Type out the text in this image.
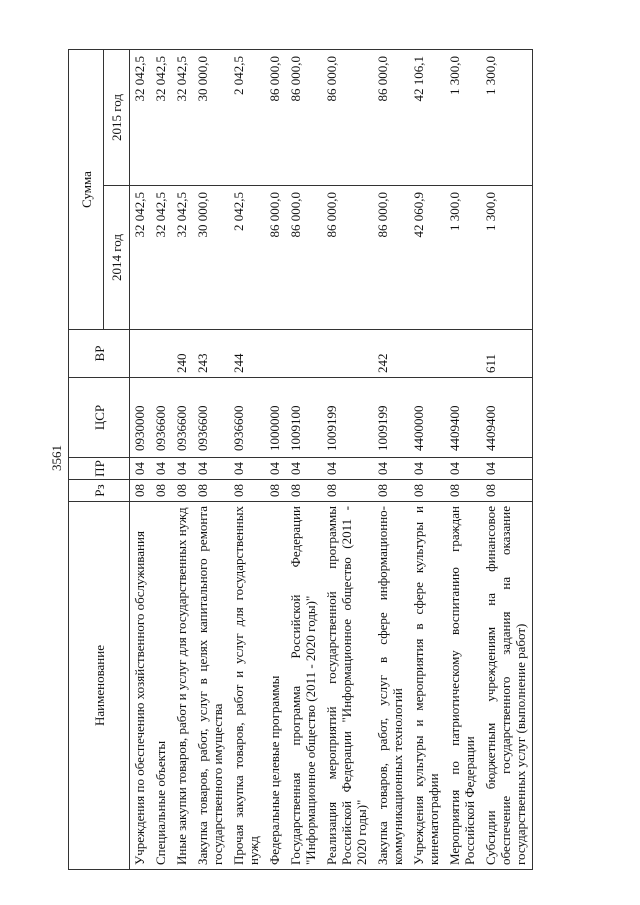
3561
Наименование	Рз	ПР	ЦСР	ВР	Сумма	
					2014 год	2015 год
Учреждения по обеспечению хозяйственного обслуживания	08	04	0930000		32 042,5	32 042,5
Специальные объекты	08	04	0936600		32 042,5	32 042,5
Иные закупки товаров, работ и услуг для государственных нужд	08	04	0936600	240	32 042,5	32 042,5
Закупка товаров, работ, услуг в целях капитального ремонта государственного имущества	08	04	0936600	243	30 000,0	30 000,0
Прочая закупка товаров, работ и услуг для государственных нужд	08	04	0936600	244	2 042,5	2 042,5
Федеральные целевые программы	08	04	1000000		86 000,0	86 000,0
Государственная программа Российской Федерации "Информационное общество (2011 - 2020 годы)"	08	04	1009100		86 000,0	86 000,0
Реализация мероприятий государственной программы Российской Федерации "Информационное общество (2011 - 2020 годы)"	08	04	1009199		86 000,0	86 000,0
Закупка товаров, работ, услуг в сфере информационно-коммуникационных технологий	08	04	1009199	242	86 000,0	86 000,0
Учреждения культуры и мероприятия в сфере культуры и кинематографии	08	04	4400000		42 060,9	42 106,1
Мероприятия по патриотическому воспитанию граждан Российской Федерации	08	04	4409400		1 300,0	1 300,0
Субсидии бюджетным учреждениям на финансовое обеспечение государственного задания на оказание государственных услуг (выполнение работ)	08	04	4409400	611	1 300,0	1 300,0
